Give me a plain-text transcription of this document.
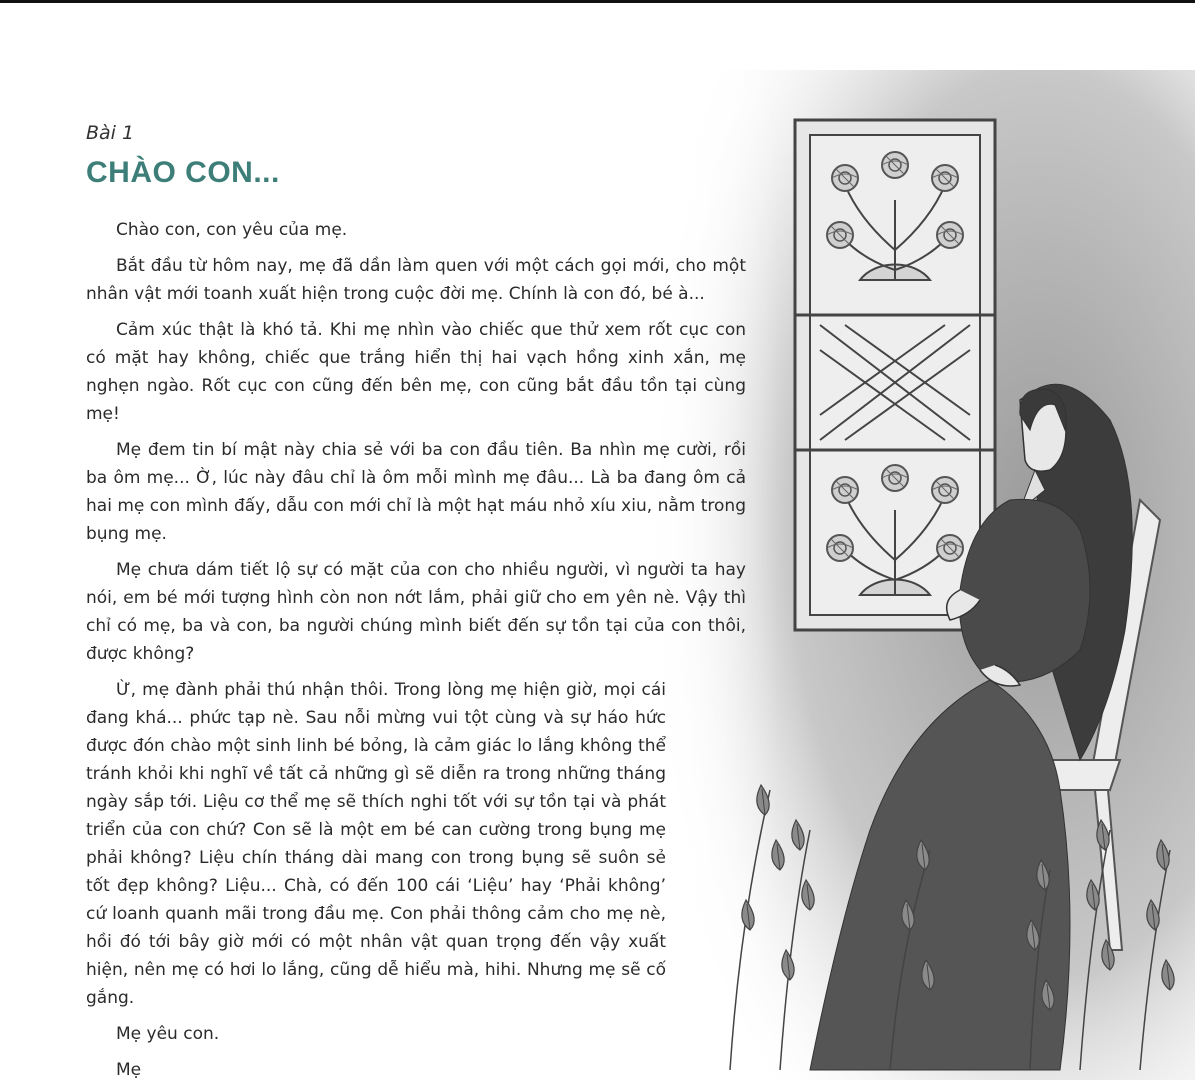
Bài 1

CHÀO CON...

Chào con, con yêu của mẹ.

Bắt đầu từ hôm nay, mẹ đã dần làm quen với một cách gọi mới, cho một nhân vật mới toanh xuất hiện trong cuộc đời mẹ. Chính là con đó, bé à...

Cảm xúc thật là khó tả. Khi mẹ nhìn vào chiếc que thử xem rốt cục con có mặt hay không, chiếc que trắng hiển thị hai vạch hồng xinh xắn, mẹ nghẹn ngào. Rốt cục con cũng đến bên mẹ, con cũng bắt đầu tồn tại cùng mẹ!

Mẹ đem tin bí mật này chia sẻ với ba con đầu tiên. Ba nhìn mẹ cười, rồi ba ôm mẹ... Ờ, lúc này đâu chỉ là ôm mỗi mình mẹ đâu... Là ba đang ôm cả hai mẹ con mình đấy, dẫu con mới chỉ là một hạt máu nhỏ xíu xiu, nằm trong bụng mẹ.

Mẹ chưa dám tiết lộ sự có mặt của con cho nhiều người, vì người ta hay nói, em bé mới tượng hình còn non nớt lắm, phải giữ cho em yên nè. Vậy thì chỉ có mẹ, ba và con, ba người chúng mình biết đến sự tồn tại của con thôi, được không?

Ừ, mẹ đành phải thú nhận thôi. Trong lòng mẹ hiện giờ, mọi cái đang khá... phức tạp nè. Sau nỗi mừng vui tột cùng và sự háo hức được đón chào một sinh linh bé bỏng, là cảm giác lo lắng không thể tránh khỏi khi nghĩ về tất cả những gì sẽ diễn ra trong những tháng ngày sắp tới. Liệu cơ thể mẹ sẽ thích nghi tốt với sự tồn tại và phát triển của con chứ? Con sẽ là một em bé can cường trong bụng mẹ phải không? Liệu chín tháng dài mang con trong bụng sẽ suôn sẻ tốt đẹp không? Liệu... Chà, có đến 100 cái ‘Liệu’ hay ‘Phải không’ cứ loanh quanh mãi trong đầu mẹ. Con phải thông cảm cho mẹ nè, hồi đó tới bây giờ mới có một nhân vật quan trọng đến vậy xuất hiện, nên mẹ có hơi lo lắng, cũng dễ hiểu mà, hihi. Nhưng mẹ sẽ cố gắng.

Mẹ yêu con.

Mẹ
